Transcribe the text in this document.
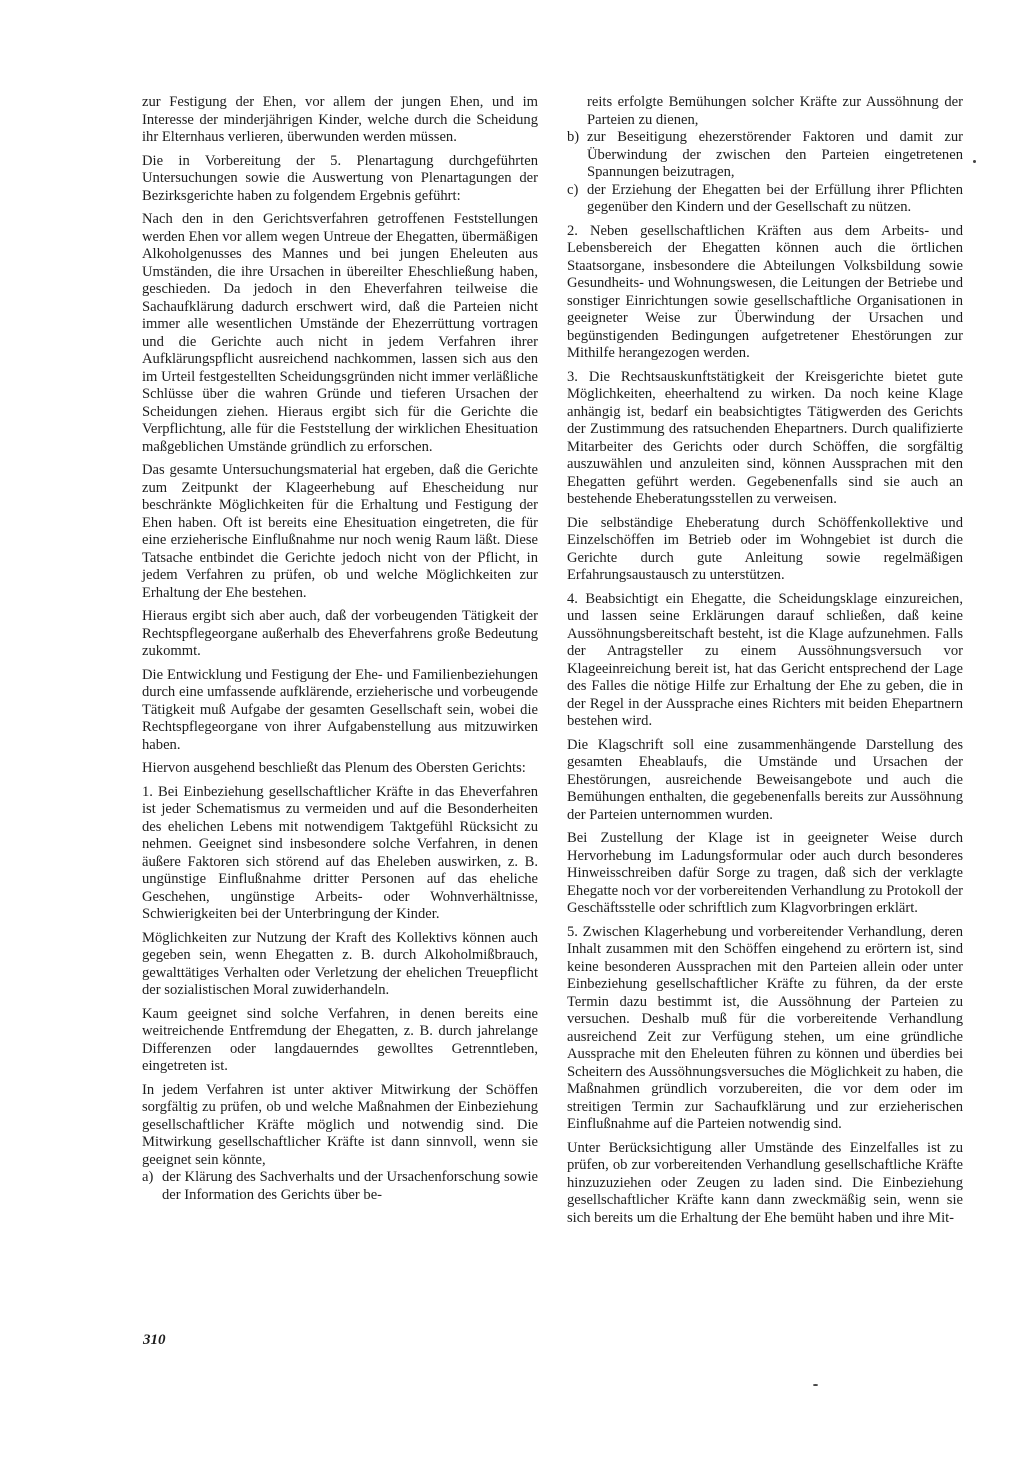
zur Festigung der Ehen, vor allem der jungen Ehen, und im Interesse der minderjährigen Kinder, welche durch die Scheidung ihr Elternhaus verlieren, überwunden werden müssen.

Die in Vorbereitung der 5. Plenartagung durchgeführten Untersuchungen sowie die Auswertung von Plenartagungen der Bezirksgerichte haben zu folgendem Ergebnis geführt:

Nach den in den Gerichtsverfahren getroffenen Feststellungen werden Ehen vor allem wegen Untreue der Ehegatten, übermäßigen Alkoholgenusses des Mannes und bei jungen Eheleuten aus Umständen, die ihre Ursachen in übereilter Eheschließung haben, geschieden. Da jedoch in den Eheverfahren teilweise die Sachaufklärung dadurch erschwert wird, daß die Parteien nicht immer alle wesentlichen Umstände der Ehezerrüttung vortragen und die Gerichte auch nicht in jedem Verfahren ihrer Aufklärungspflicht ausreichend nachkommen, lassen sich aus den im Urteil festgestellten Scheidungsgründen nicht immer verläßliche Schlüsse über die wahren Gründe und tieferen Ursachen der Scheidungen ziehen. Hieraus ergibt sich für die Gerichte die Verpflichtung, alle für die Feststellung der wirklichen Ehesituation maßgeblichen Umstände gründlich zu erforschen.

Das gesamte Untersuchungsmaterial hat ergeben, daß die Gerichte zum Zeitpunkt der Klageerhebung auf Ehescheidung nur beschränkte Möglichkeiten für die Erhaltung und Festigung der Ehen haben. Oft ist bereits eine Ehesituation eingetreten, die für eine erzieherische Einflußnahme nur noch wenig Raum läßt. Diese Tatsache entbindet die Gerichte jedoch nicht von der Pflicht, in jedem Verfahren zu prüfen, ob und welche Möglichkeiten zur Erhaltung der Ehe bestehen.

Hieraus ergibt sich aber auch, daß der vorbeugenden Tätigkeit der Rechtspflegeorgane außerhalb des Eheverfahrens große Bedeutung zukommt.

Die Entwicklung und Festigung der Ehe- und Familienbeziehungen durch eine umfassende aufklärende, erzieherische und vorbeugende Tätigkeit muß Aufgabe der gesamten Gesellschaft sein, wobei die Rechtspflegeorgane von ihrer Aufgabenstellung aus mitzuwirken haben.

Hiervon ausgehend beschließt das Plenum des Obersten Gerichts:

1. Bei Einbeziehung gesellschaftlicher Kräfte in das Eheverfahren ist jeder Schematismus zu vermeiden und auf die Besonderheiten des ehelichen Lebens mit notwendigem Taktgefühl Rücksicht zu nehmen. Geeignet sind insbesondere solche Verfahren, in denen äußere Faktoren sich störend auf das Eheleben auswirken, z. B. ungünstige Einflußnahme dritter Personen auf das eheliche Geschehen, ungünstige Arbeits- oder Wohnverhältnisse, Schwierigkeiten bei der Unterbringung der Kinder.

Möglichkeiten zur Nutzung der Kraft des Kollektivs können auch gegeben sein, wenn Ehegatten z. B. durch Alkoholmißbrauch, gewalttätiges Verhalten oder Verletzung der ehelichen Treuepflicht der sozialistischen Moral zuwiderhandeln.

Kaum geeignet sind solche Verfahren, in denen bereits eine weitreichende Entfremdung der Ehegatten, z. B. durch jahrelange Differenzen oder langdauerndes gewolltes Getrenntleben, eingetreten ist.

In jedem Verfahren ist unter aktiver Mitwirkung der Schöffen sorgfältig zu prüfen, ob und welche Maßnahmen der Einbeziehung gesellschaftlicher Kräfte möglich und notwendig sind. Die Mitwirkung gesellschaftlicher Kräfte ist dann sinnvoll, wenn sie geeignet sein könnte,

a) der Klärung des Sachverhalts und der Ursachenforschung sowie der Information des Gerichts über be-

reits erfolgte Bemühungen solcher Kräfte zur Aussöhnung der Parteien zu dienen,

b) zur Beseitigung ehezerstörender Faktoren und damit zur Überwindung der zwischen den Parteien eingetretenen Spannungen beizutragen,
c) der Erziehung der Ehegatten bei der Erfüllung ihrer Pflichten gegenüber den Kindern und der Gesellschaft zu nützen.

2. Neben gesellschaftlichen Kräften aus dem Arbeits- und Lebensbereich der Ehegatten können auch die örtlichen Staatsorgane, insbesondere die Abteilungen Volksbildung sowie Gesundheits- und Wohnungswesen, die Leitungen der Betriebe und sonstiger Einrichtungen sowie gesellschaftliche Organisationen in geeigneter Weise zur Überwindung der Ursachen und begünstigenden Bedingungen aufgetretener Ehestörungen zur Mithilfe herangezogen werden.

3. Die Rechtsauskunftstätigkeit der Kreisgerichte bietet gute Möglichkeiten, eheerhaltend zu wirken. Da noch keine Klage anhängig ist, bedarf ein beabsichtigtes Tätigwerden des Gerichts der Zustimmung des ratsuchenden Ehepartners. Durch qualifizierte Mitarbeiter des Gerichts oder durch Schöffen, die sorgfältig auszuwählen und anzuleiten sind, können Aussprachen mit den Ehegatten geführt werden. Gegebenenfalls sind sie auch an bestehende Eheberatungsstellen zu verweisen.

Die selbständige Eheberatung durch Schöffenkollektive und Einzelschöffen im Betrieb oder im Wohngebiet ist durch die Gerichte durch gute Anleitung sowie regelmäßigen Erfahrungsaustausch zu unterstützen.

4. Beabsichtigt ein Ehegatte, die Scheidungsklage einzureichen, und lassen seine Erklärungen darauf schließen, daß keine Aussöhnungsbereitschaft besteht, ist die Klage aufzunehmen. Falls der Antragsteller zu einem Aussöhnungsversuch vor Klageeinreichung bereit ist, hat das Gericht entsprechend der Lage des Falles die nötige Hilfe zur Erhaltung der Ehe zu geben, die in der Regel in der Aussprache eines Richters mit beiden Ehepartnern bestehen wird.

Die Klagschrift soll eine zusammenhängende Darstellung des gesamten Eheablaufs, die Umstände und Ursachen der Ehestörungen, ausreichende Beweisangebote und auch die Bemühungen enthalten, die gegebenenfalls bereits zur Aussöhnung der Parteien unternommen wurden.

Bei Zustellung der Klage ist in geeigneter Weise durch Hervorhebung im Ladungsformular oder auch durch besonderes Hinweisschreiben dafür Sorge zu tragen, daß sich der verklagte Ehegatte noch vor der vorbereitenden Verhandlung zu Protokoll der Geschäftsstelle oder schriftlich zum Klagvorbringen erklärt.

5. Zwischen Klagerhebung und vorbereitender Verhandlung, deren Inhalt zusammen mit den Schöffen eingehend zu erörtern ist, sind keine besonderen Aussprachen mit den Parteien allein oder unter Einbeziehung gesellschaftlicher Kräfte zu führen, da der erste Termin dazu bestimmt ist, die Aussöhnung der Parteien zu versuchen. Deshalb muß für die vorbereitende Verhandlung ausreichend Zeit zur Verfügung stehen, um eine gründliche Aussprache mit den Eheleuten führen zu können und überdies bei Scheitern des Aussöhnungsversuches die Möglichkeit zu haben, die Maßnahmen gründlich vorzubereiten, die vor dem oder im streitigen Termin zur Sachaufklärung und zur erzieherischen Einflußnahme auf die Parteien notwendig sind.

Unter Berücksichtigung aller Umstände des Einzelfalles ist zu prüfen, ob zur vorbereitenden Verhandlung gesellschaftliche Kräfte hinzuzuziehen oder Zeugen zu laden sind. Die Einbeziehung gesellschaftlicher Kräfte kann dann zweckmäßig sein, wenn sie sich bereits um die Erhaltung der Ehe bemüht haben und ihre Mit-

310
